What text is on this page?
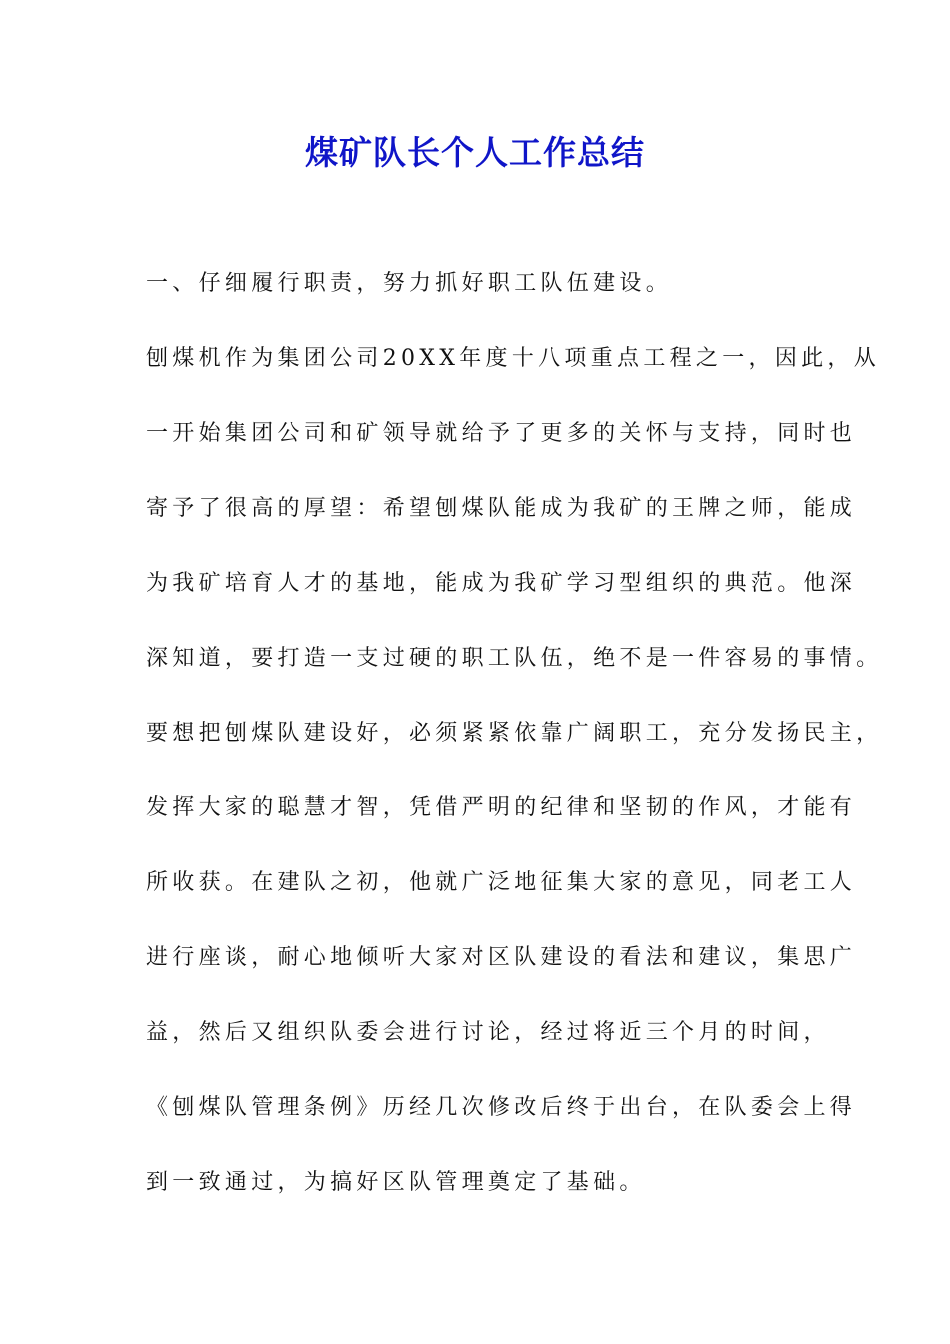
煤矿队长个人工作总结

一、仔细履行职责，努力抓好职工队伍建设。

刨煤机作为集团公司20XX年度十八项重点工程之一，因此，从

一开始集团公司和矿领导就给予了更多的关怀与支持，同时也

寄予了很高的厚望：希望刨煤队能成为我矿的王牌之师，能成

为我矿培育人才的基地，能成为我矿学习型组织的典范。他深

深知道，要打造一支过硬的职工队伍，绝不是一件容易的事情。

要想把刨煤队建设好，必须紧紧依靠广阔职工，充分发扬民主，

发挥大家的聪慧才智，凭借严明的纪律和坚韧的作风，才能有

所收获。在建队之初，他就广泛地征集大家的意见，同老工人

进行座谈，耐心地倾听大家对区队建设的看法和建议，集思广

益，然后又组织队委会进行讨论，经过将近三个月的时间，

《刨煤队管理条例》历经几次修改后终于出台，在队委会上得

到一致通过，为搞好区队管理奠定了基础。
